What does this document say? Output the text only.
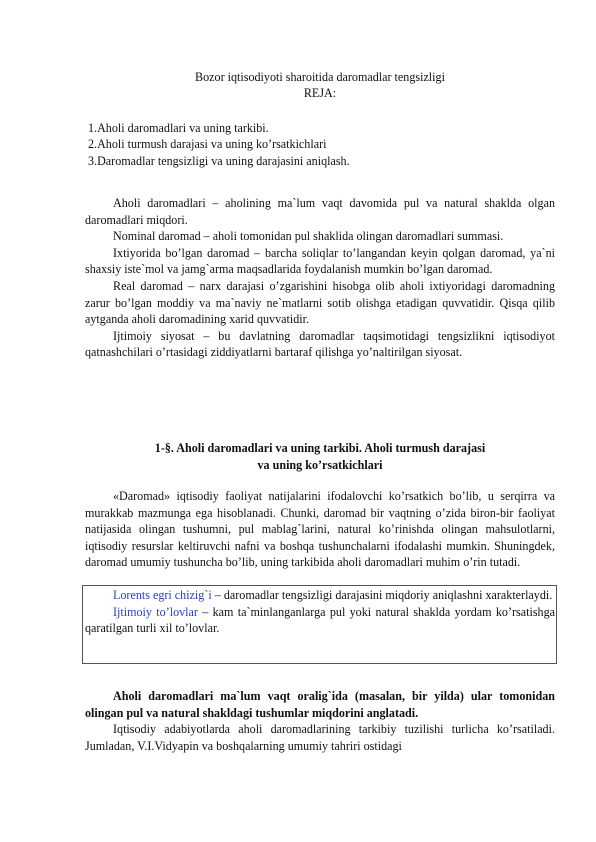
Bozor iqtisodiyoti sharoitida daromadlar tengsizligi
REJA:
1.Aholi daromadlari va uning tarkibi.
2.Aholi turmush darajasi va uning ko’rsatkichlari
3.Daromadlar tengsizligi va uning darajasini aniqlash.

Aholi daromadlari – aholining ma`lum vaqt davomida pul va natural shaklda olgan daromadlari miqdori.

Nominal daromad – aholi tomonidan pul shaklida olingan daromadlari summasi.

Ixtiyorida bo’lgan daromad – barcha soliqlar to’langandan keyin qolgan daromad, ya`ni shaxsiy iste`mol va jamg`arma maqsadlarida foydalanish mumkin bo’lgan daromad.

Real daromad – narx darajasi o’zgarishini hisobga olib aholi ixtiyoridagi daromadning zarur bo’lgan moddiy va ma`naviy ne`matlarni sotib olishga etadigan quvvatidir. Qisqa qilib aytganda aholi daromadining xarid quvvatidir.

Ijtimoiy siyosat – bu davlatning daromadlar taqsimotidagi tengsizlikni iqtisodiyot qatnashchilari o’rtasidagi ziddiyatlarni bartaraf qilishga yo’naltirilgan siyosat.

1-§. Aholi daromadlari va uning tarkibi. Aholi turmush darajasi
va uning ko’rsatkichlari

«Daromad» iqtisodiy faoliyat natijalarini ifodalovchi ko’rsatkich bo’lib, u serqirra va murakkab mazmunga ega hisoblanadi. Chunki, daromad bir vaqtning o’zida biron-bir faoliyat natijasida olingan tushumni, pul mablag`larini, natural ko’rinishda olingan mahsulotlarni, iqtisodiy resurslar keltiruvchi nafni va boshqa tushunchalarni ifodalashi mumkin. Shuningdek, daromad umumiy tushuncha bo’lib, uning tarkibida aholi daromadlari muhim o’rin tutadi.

Lorents egri chizig`i – daromadlar tengsizligi darajasini miqdoriy aniqlashni xarakterlaydi.

Ijtimoiy to’lovlar – kam ta`minlanganlarga pul yoki natural shaklda yordam ko’rsatishga qaratilgan turli xil to’lovlar.

Aholi daromadlari ma`lum vaqt oralig`ida (masalan, bir yilda) ular tomonidan olingan pul va natural shakldagi tushumlar miqdorini anglatadi.

Iqtisodiy adabiyotlarda aholi daromadlarining tarkibiy tuzilishi turlicha ko’rsatiladi. Jumladan, V.I.Vidyapin va boshqalarning umumiy tahriri ostidagi
